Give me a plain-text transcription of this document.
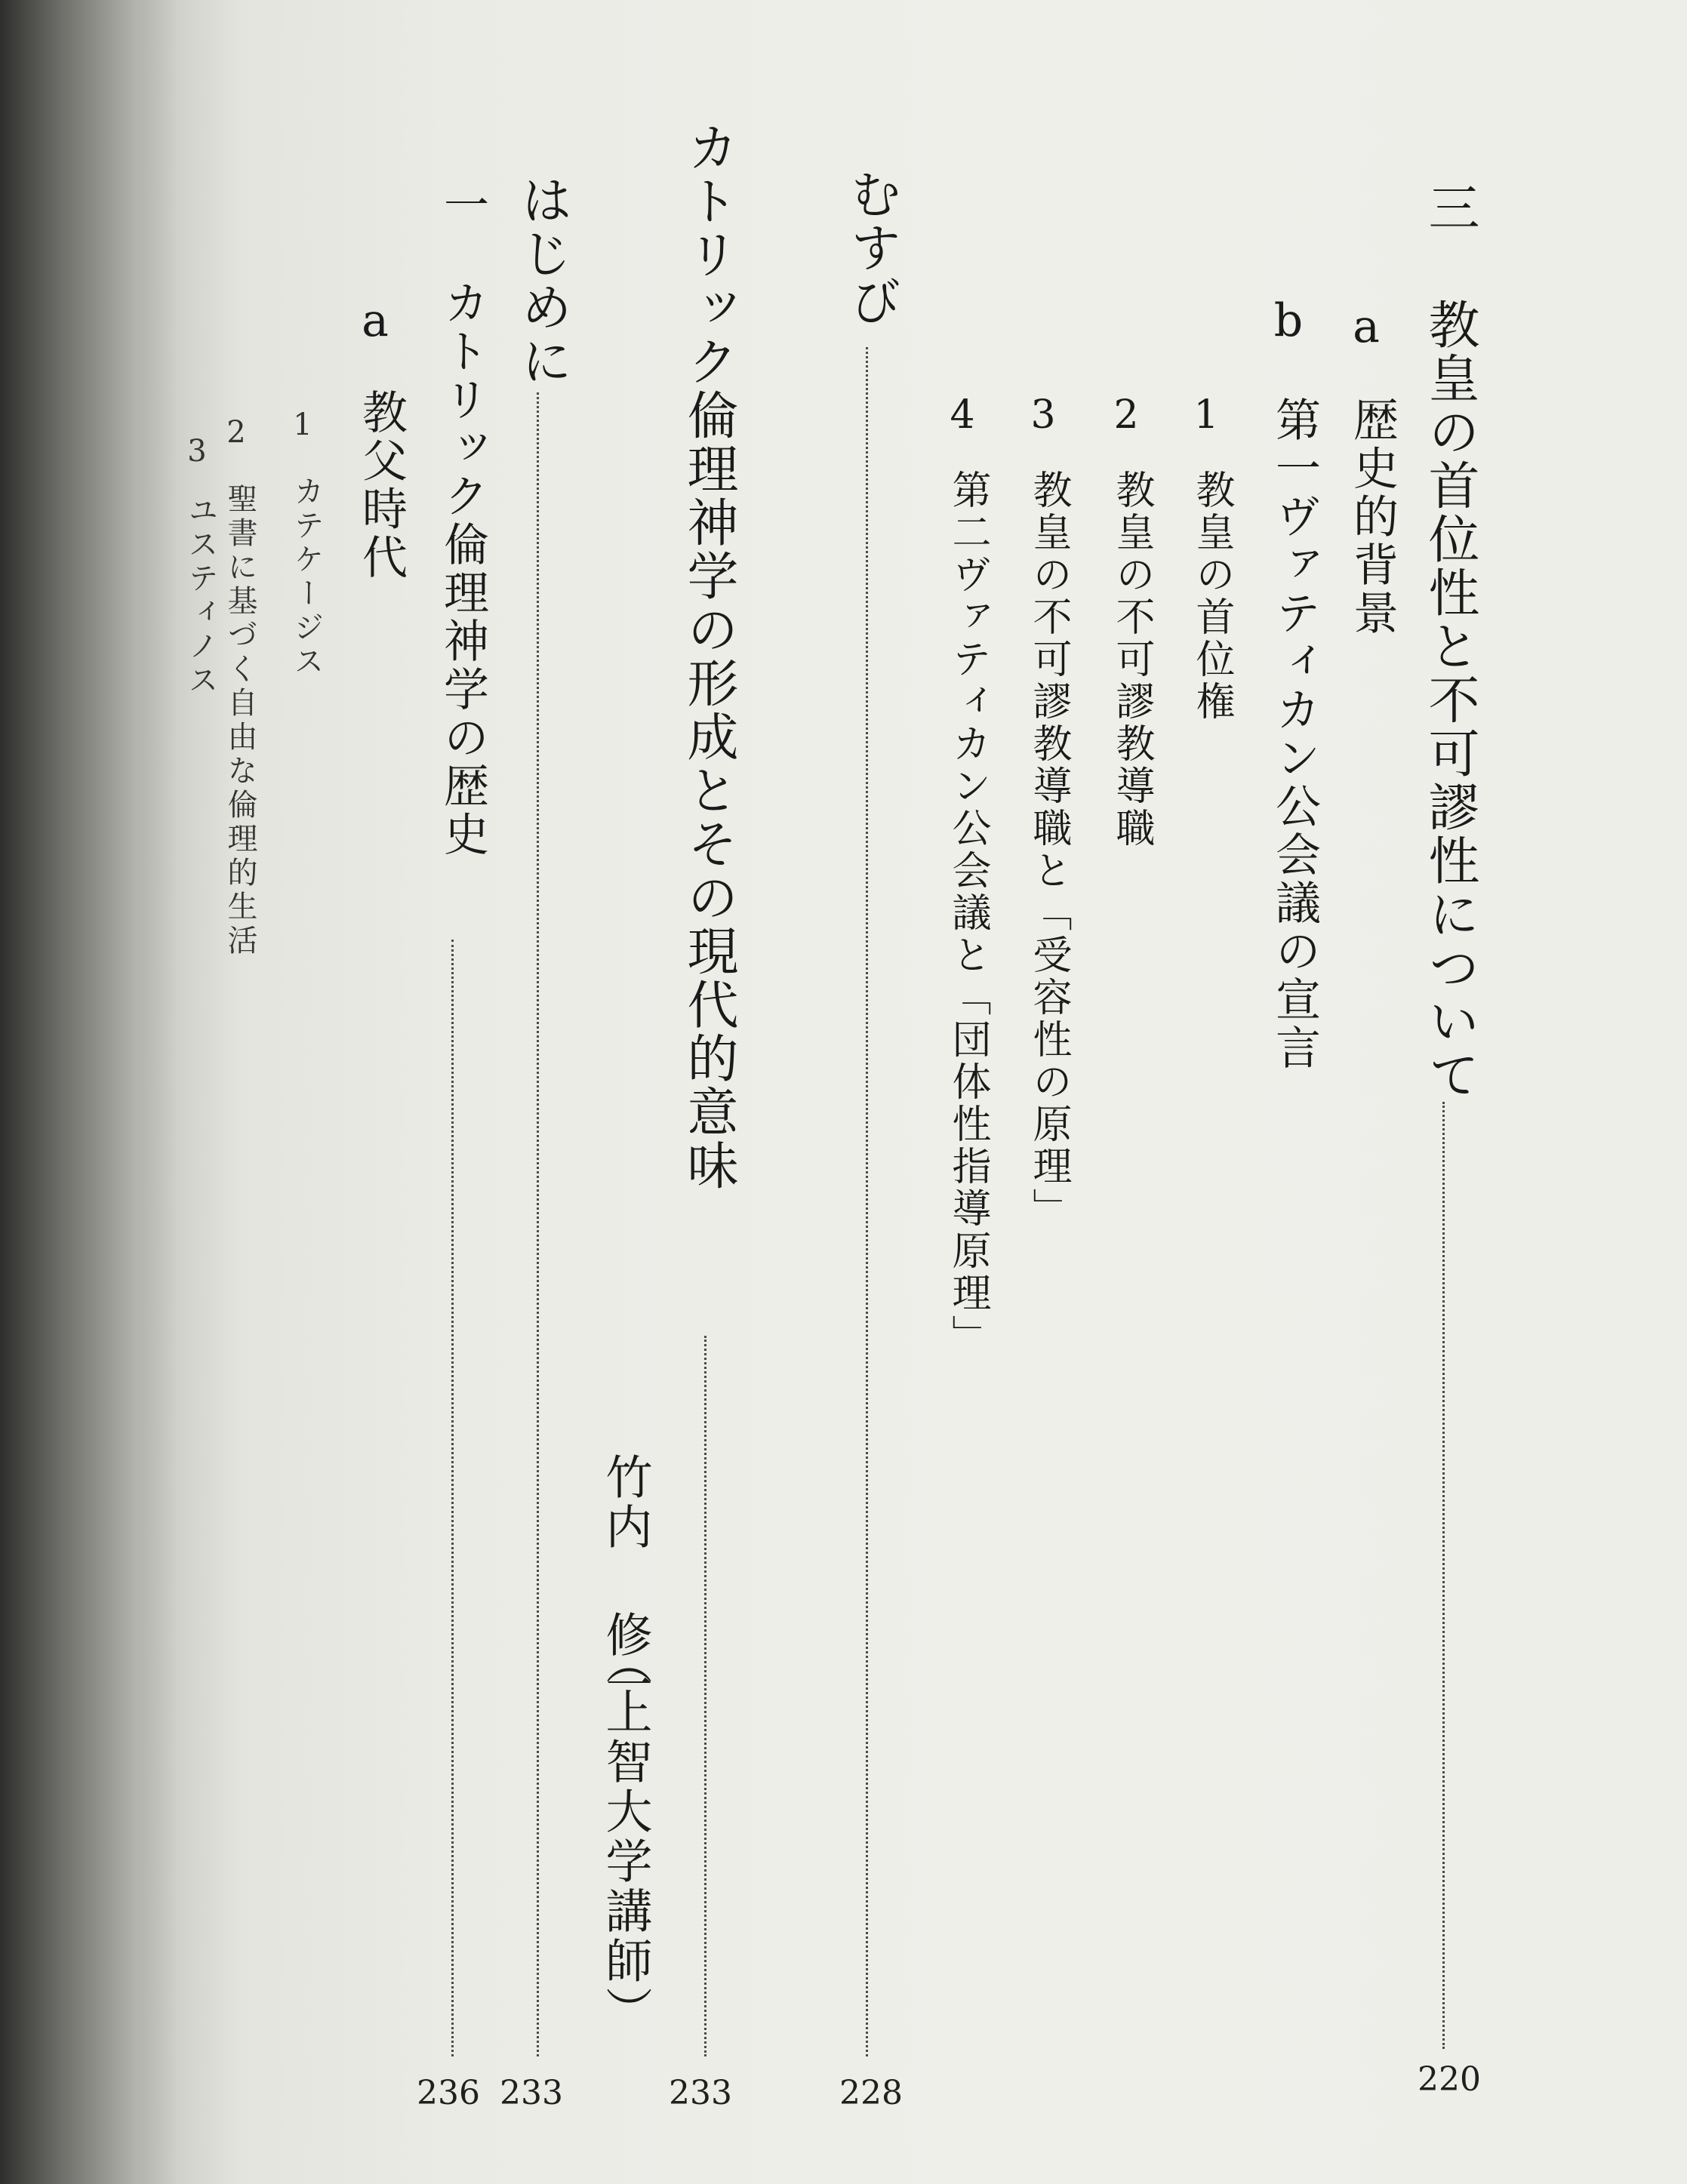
三
教皇の首位性と不可謬性について
220
a
歴史的背景
b
第一ヴァティカン公会議の宣言
1
教皇の首位権
2
教皇の不可謬教導職
3
教皇の不可謬教導職と「受容性の原理」
4
第二ヴァティカン公会議と「団体性指導原理」
むすび
228
カトリック倫理神学の形成とその現代的意味
233
竹内 修一
（上智大学講師）
はじめに
233
一
カトリック倫理神学の歴史
236
a
教父時代
1
カテケージス
2
聖書に基づく自由な倫理的生活
3
ユスティノス
